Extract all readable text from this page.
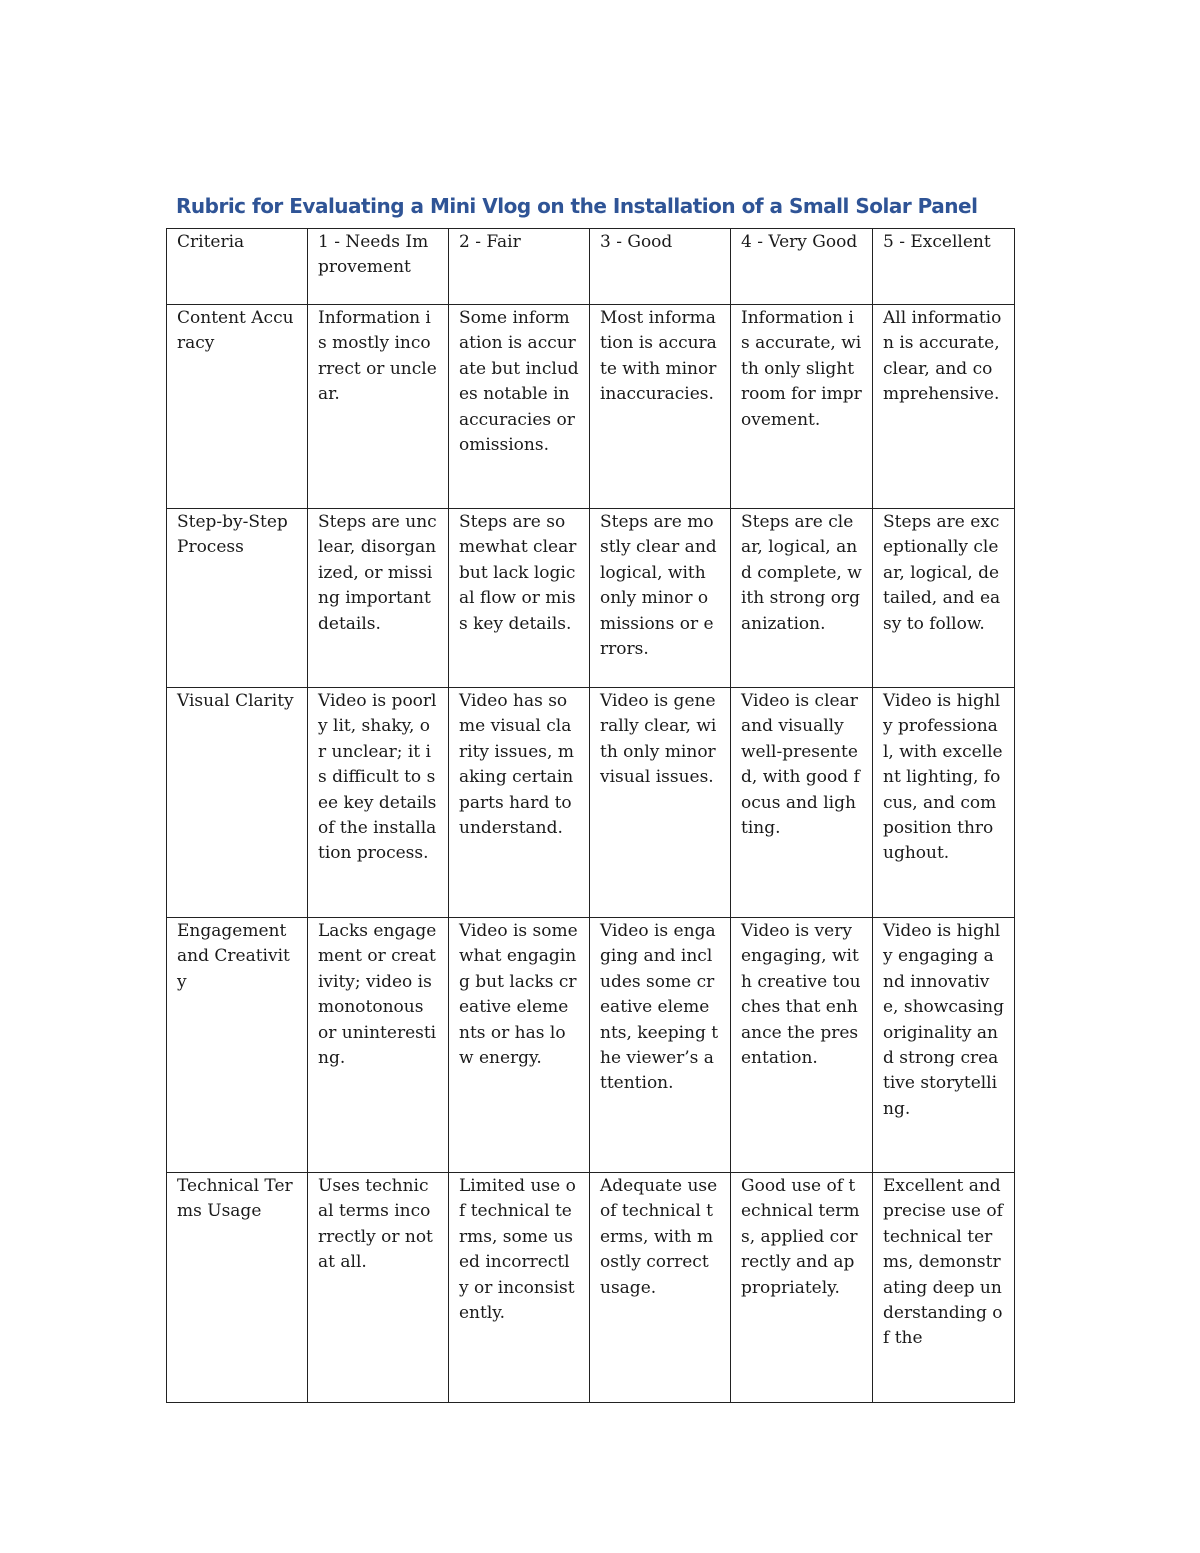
Rubric for Evaluating a Mini Vlog on the Installation of a Small Solar Panel
Criteria	1 - Needs Improvement	2 - Fair	3 - Good	4 - Very Good	5 - Excellent
Content Accuracy	Information is mostly incorrect or unclear.	Some information is accurate but includes notable inaccuracies or omissions.	Most information is accurate with minor inaccuracies.	Information is accurate, with only slight room for improvement.	All information is accurate, clear, and comprehensive.
Step-by-Step Process	Steps are unclear, disorganized, or missing important details.	Steps are somewhat clear but lack logical flow or miss key details.	Steps are mostly clear and logical, with only minor omissions or errors.	Steps are clear, logical, and complete, with strong organization.	Steps are exceptionally clear, logical, detailed, and easy to follow.
Visual Clarity	Video is poorly lit, shaky, or unclear; it is difficult to see key details of the installation process.	Video has some visual clarity issues, making certain parts hard to understand.	Video is generally clear, with only minor visual issues.	Video is clear and visually well-presented, with good focus and lighting.	Video is highly professional, with excellent lighting, focus, and composition throughout.
Engagement and Creativity	Lacks engagement or creativity; video is monotonous or uninteresting.	Video is somewhat engaging but lacks creative elements or has low energy.	Video is engaging and includes some creative elements, keeping the viewer’s attention.	Video is very engaging, with creative touches that enhance the presentation.	Video is highly engaging and innovative, showcasing originality and strong creative storytelling.
Technical Terms Usage	Uses technical terms incorrectly or not at all.	Limited use of technical terms, some used incorrectly or inconsistently.	Adequate use of technical terms, with mostly correct usage.	Good use of technical terms, applied correctly and appropriately.	Excellent and precise use of technical terms, demonstrating deep understanding of the
